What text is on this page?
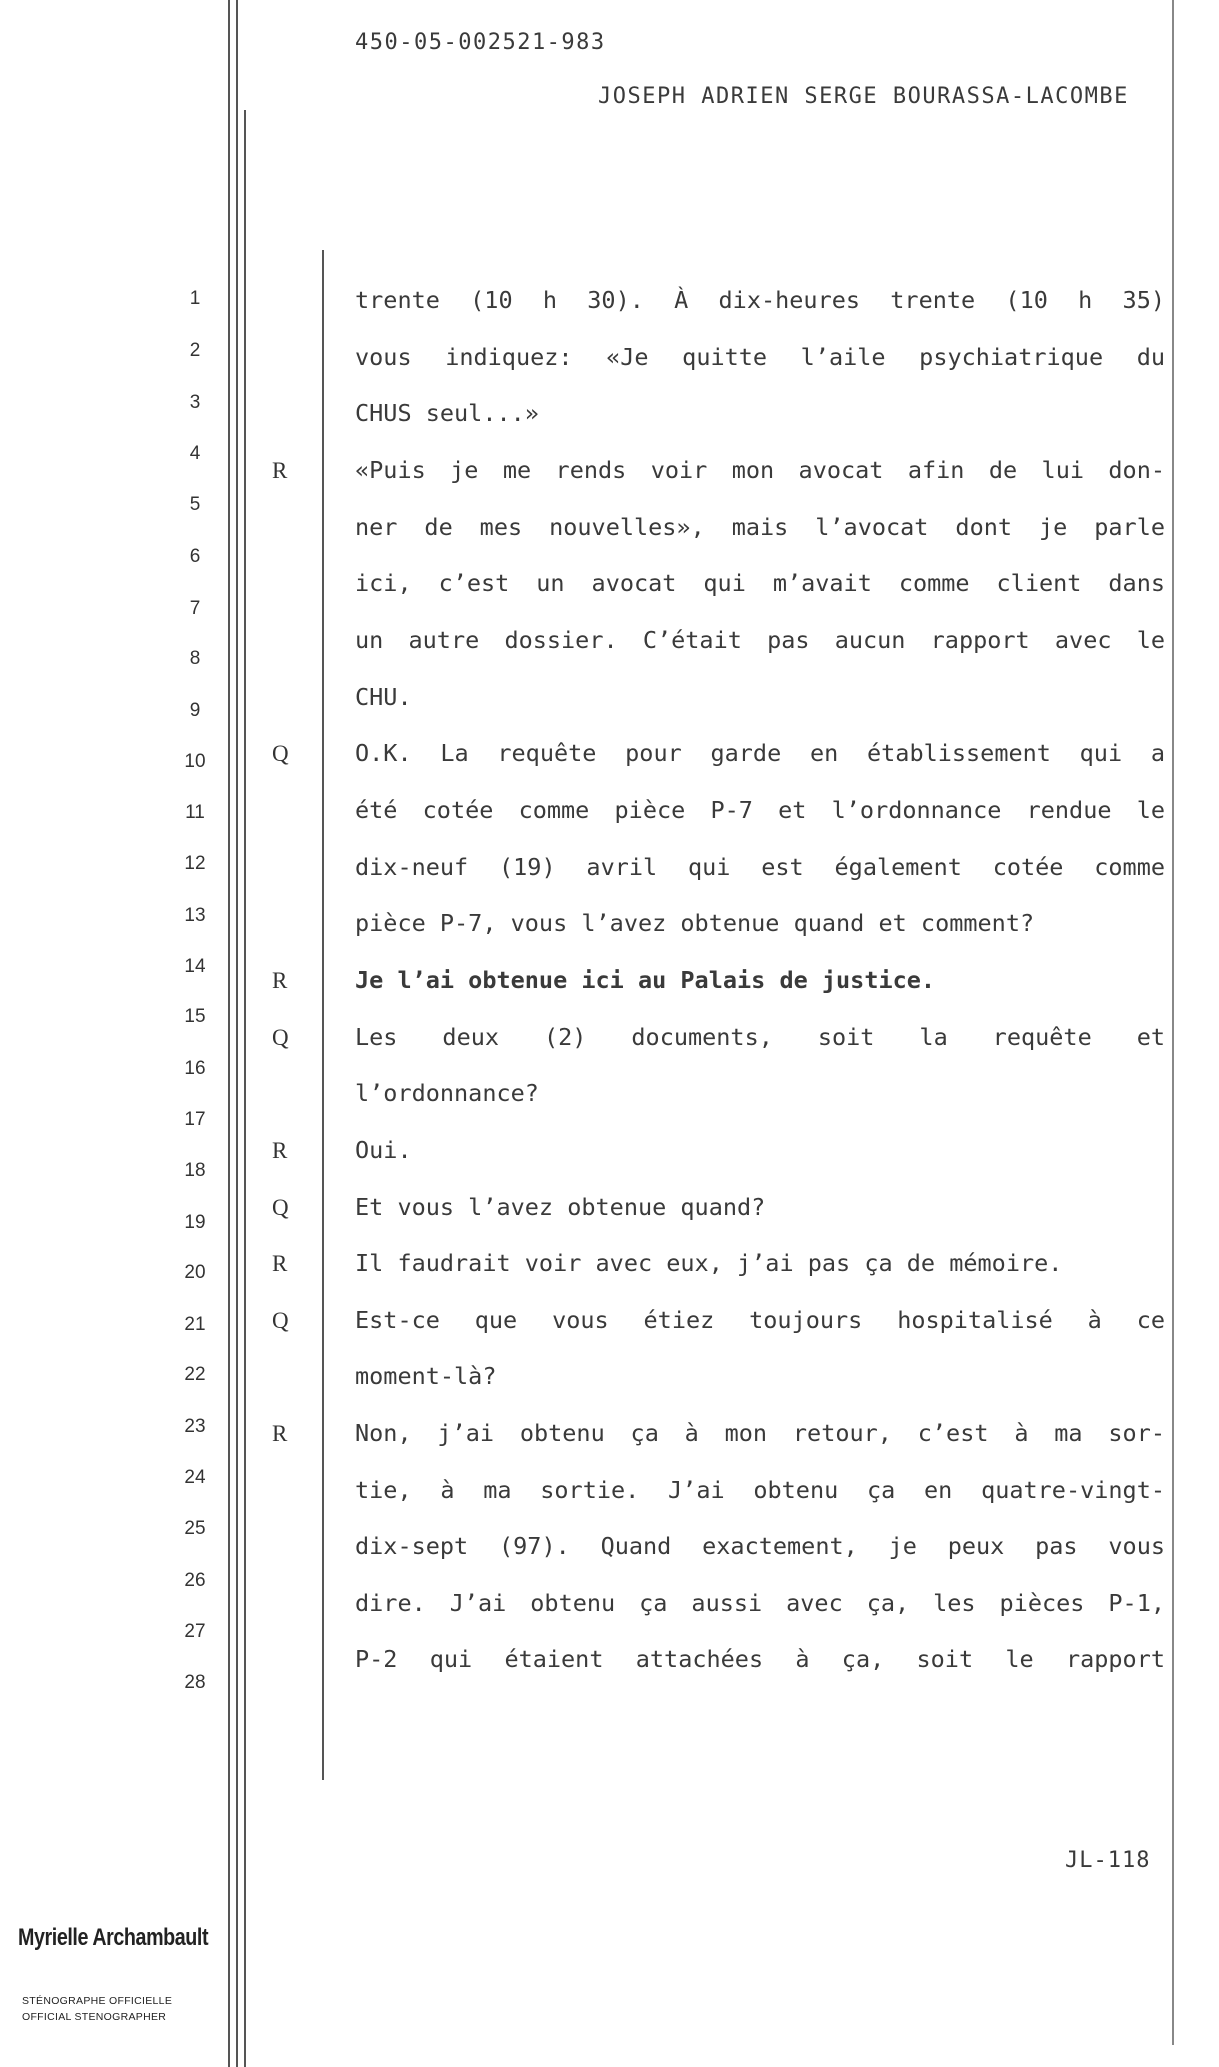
450-05-002521-983
JOSEPH ADRIEN SERGE BOURASSA-LACOMBE
1
2
3
4
5
6
7
8
9
10
11
12
13
14
15
16
17
18
19
20
21
22
23
24
25
26
27
28
trente (10 h 30). À dix-heures trente (10 h 35)
vous indiquez: «Je quitte l’aile psychiatrique du
CHUS seul...»
R	«Puis je me rends voir mon avocat afin de lui don-
ner de mes nouvelles», mais l’avocat dont je parle
ici, c’est un avocat qui m’avait comme client dans
un autre dossier. C’était pas aucun rapport avec le
CHU.
Q	O.K. La requête pour garde en établissement qui a
été cotée comme pièce P-7 et l’ordonnance rendue le
dix-neuf (19) avril qui est également cotée comme
pièce P-7, vous l’avez obtenue quand et comment?
R	Je l’ai obtenue ici au Palais de justice.
Q	Les deux (2) documents, soit la requête et
l’ordonnance?
R	Oui.
Q	Et vous l’avez obtenue quand?
R	Il faudrait voir avec eux, j’ai pas ça de mémoire.
Q	Est-ce que vous étiez toujours hospitalisé à ce
moment-là?
R	Non, j’ai obtenu ça à mon retour, c’est à ma sor-
tie, à ma sortie. J’ai obtenu ça en quatre-vingt-
dix-sept (97). Quand exactement, je peux pas vous
dire. J’ai obtenu ça aussi avec ça, les pièces P-1,
P-2 qui étaient attachées à ça, soit le rapport
JL-118
Myrielle Archambault
STÉNOGRAPHE OFFICIELLE
OFFICIAL STENOGRAPHER
